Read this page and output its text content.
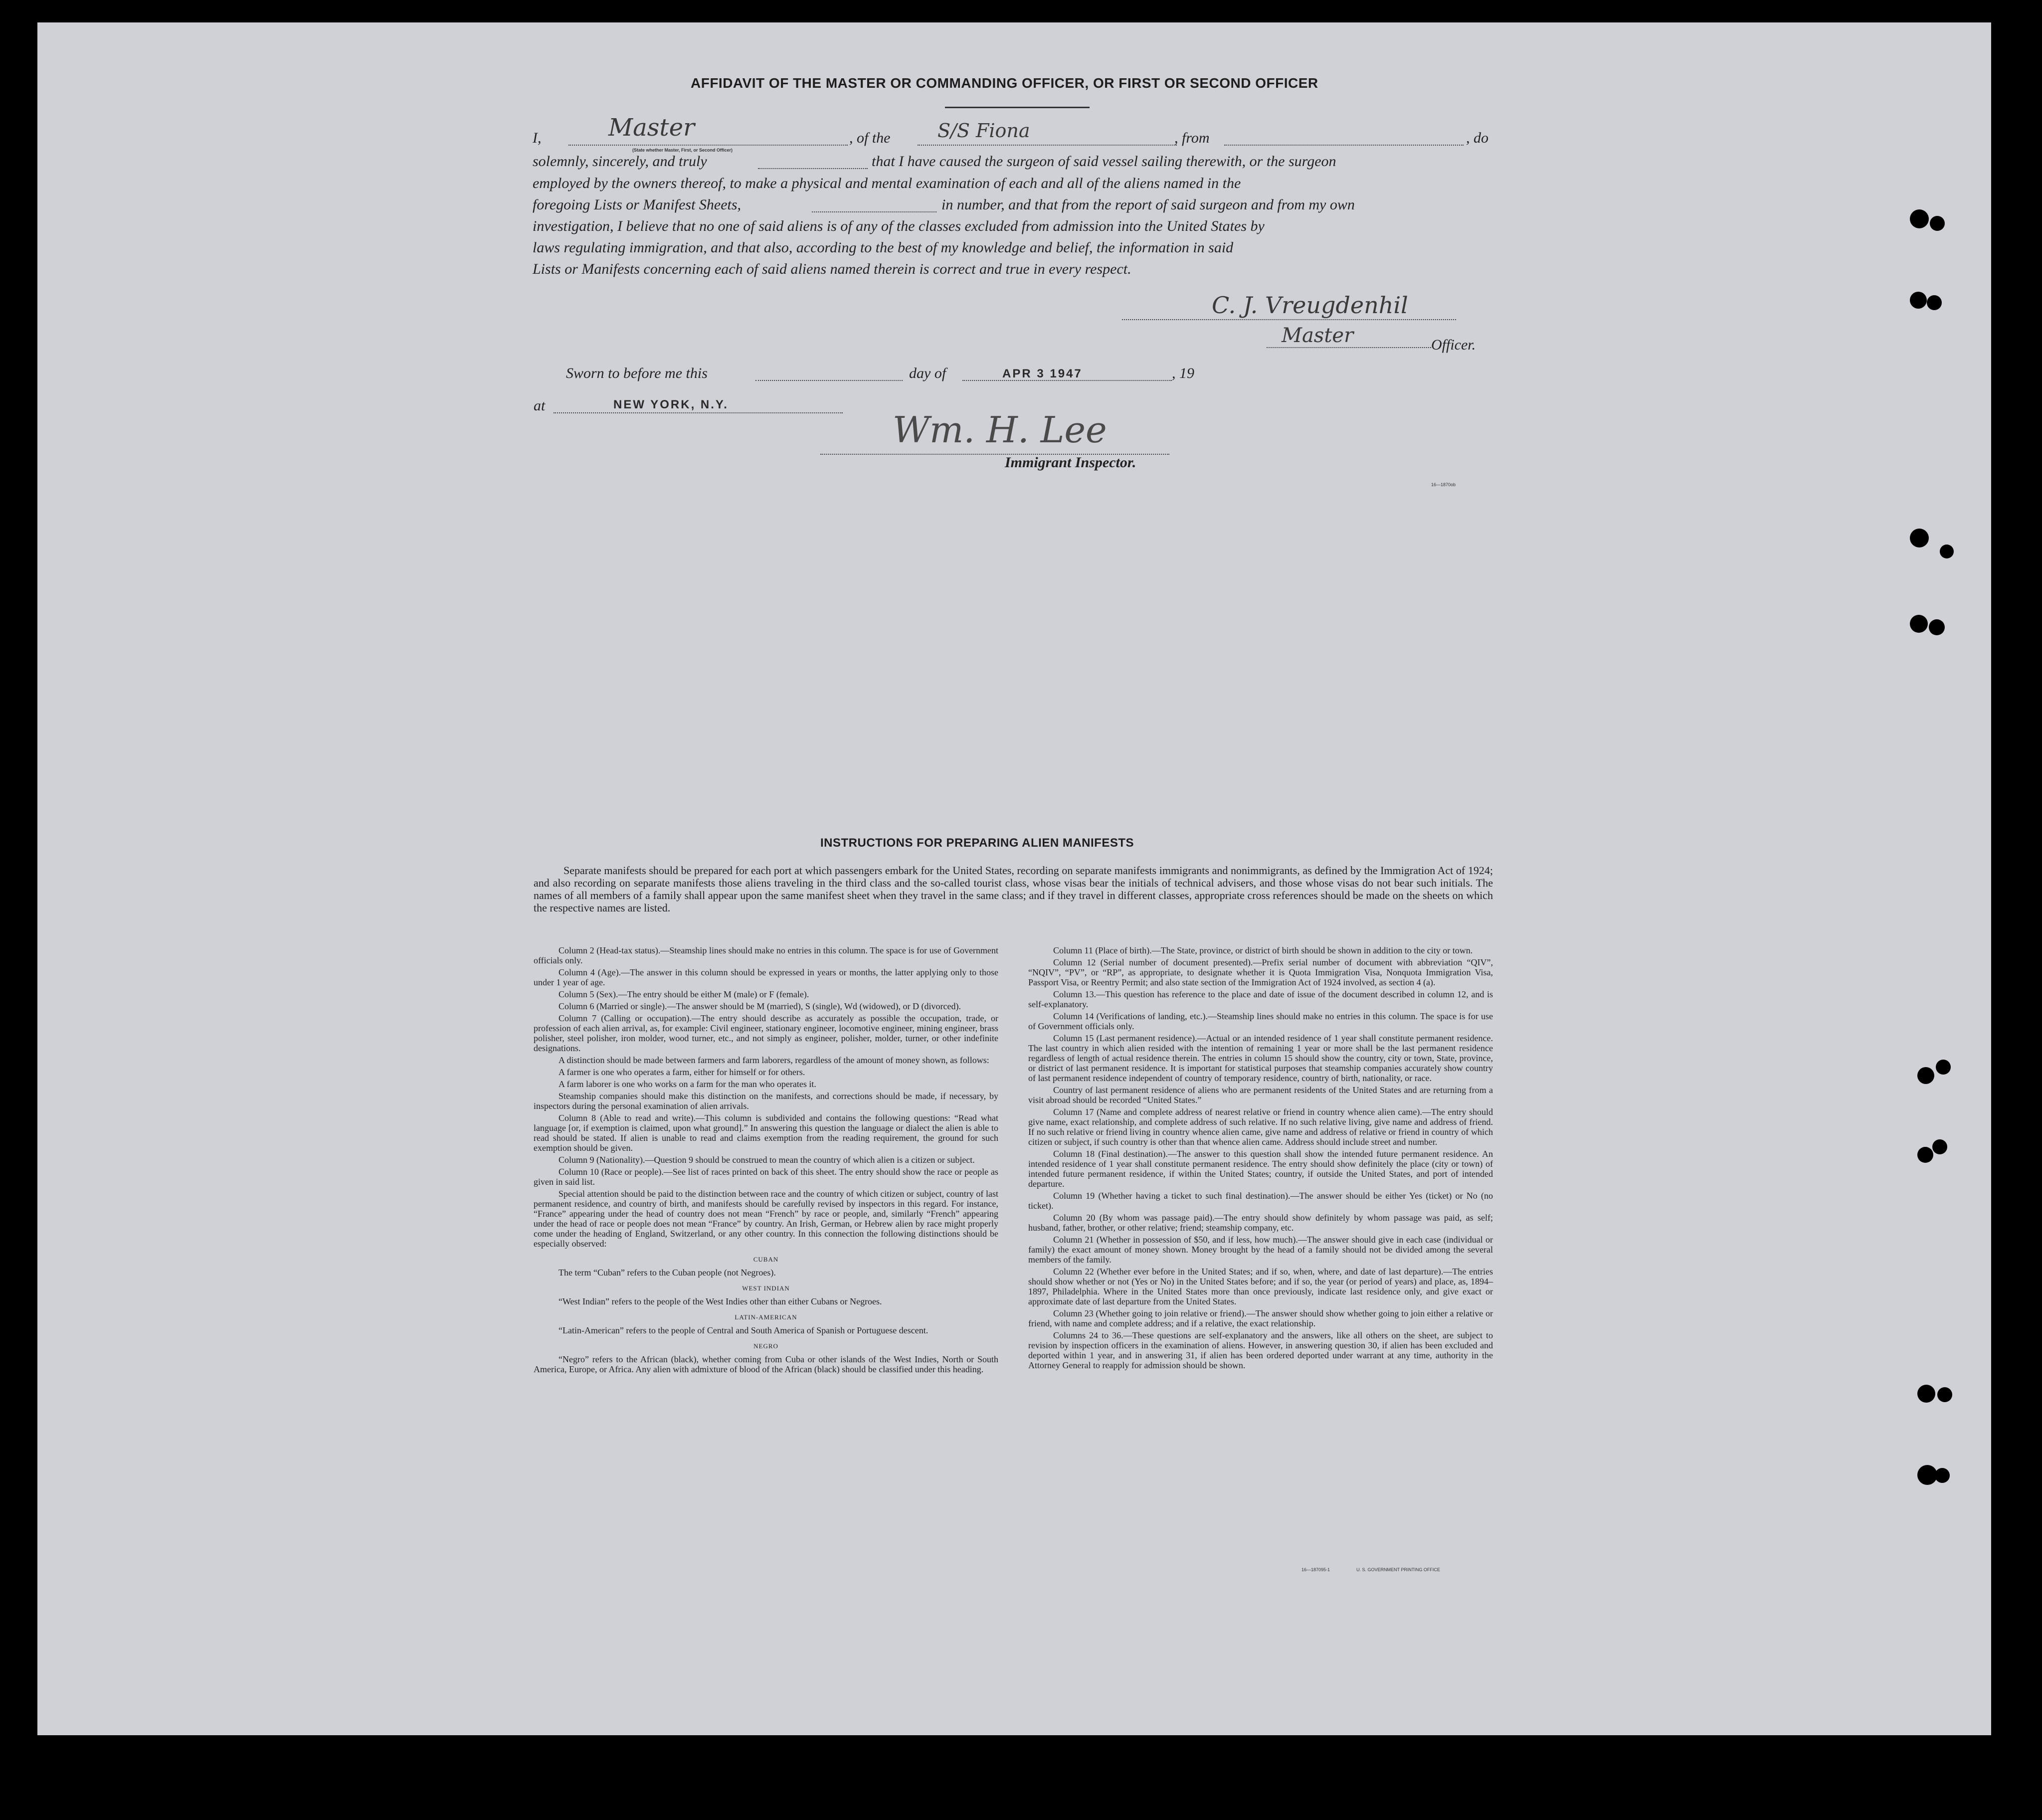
AFFIDAVIT OF THE MASTER OR COMMANDING OFFICER, OR FIRST OR SECOND OFFICER
I,	Master
(State whether Master, First, or Second Officer)
, of the S/S Fiona	, from	, do
solemnly, sincerely, and truly	that I have caused the surgeon of said vessel sailing therewith, or the surgeon
employed by the owners thereof, to make a physical and mental examination of each and all of the aliens named in the
foregoing Lists or Manifest Sheets,	in number, and that from the report of said surgeon and from my own
investigation, I believe that no one of said aliens is of any of the classes excluded from admission into the United States by
laws regulating immigration, and that also, according to the best of my knowledge and belief, the information in said
Lists or Manifests concerning each of said aliens named therein is correct and true in every respect.
C. J. Vreugdenhil
Master	Officer.
Sworn to before me this	day of	APR 3 1947	, 19
at	NEW YORK, N.Y.
Wm. H. Lee
Immigrant Inspector.
16—1870ob
INSTRUCTIONS FOR PREPARING ALIEN MANIFESTS
Separate manifests should be prepared for each port at which passengers embark for the United States, recording on separate manifests immigrants and nonimmigrants, as defined by the Immigration Act of 1924; and also recording on separate manifests those aliens traveling in the third class and the so-called tourist class, whose visas bear the initials of technical advisers, and those whose visas do not bear such initials. The names of all members of a family shall appear upon the same manifest sheet when they travel in the same class; and if they travel in different classes, appropriate cross references should be made on the sheets on which the respective names are listed.

Column 2 (Head-tax status).—Steamship lines should make no entries in this column. The space is for use of Government officials only.

Column 4 (Age).—The answer in this column should be expressed in years or months, the latter applying only to those under 1 year of age.

Column 5 (Sex).—The entry should be either M (male) or F (female).

Column 6 (Married or single).—The answer should be M (married), S (single), Wd (widowed), or D (divorced).

Column 7 (Calling or occupation).—The entry should describe as accurately as possible the occupation, trade, or profession of each alien arrival, as, for example: Civil engineer, stationary engineer, locomotive engineer, mining engineer, brass polisher, steel polisher, iron molder, wood turner, etc., and not simply as engineer, polisher, molder, turner, or other indefinite designations.

A distinction should be made between farmers and farm laborers, regardless of the amount of money shown, as follows:

A farmer is one who operates a farm, either for himself or for others.

A farm laborer is one who works on a farm for the man who operates it.

Steamship companies should make this distinction on the manifests, and corrections should be made, if necessary, by inspectors during the personal examination of alien arrivals.

Column 8 (Able to read and write).—This column is subdivided and contains the following questions: “Read what language [or, if exemption is claimed, upon what ground].” In answering this question the language or dialect the alien is able to read should be stated. If alien is unable to read and claims exemption from the reading requirement, the ground for such exemption should be given.

Column 9 (Nationality).—Question 9 should be construed to mean the country of which alien is a citizen or subject.

Column 10 (Race or people).—See list of races printed on back of this sheet. The entry should show the race or people as given in said list.

Special attention should be paid to the distinction between race and the country of which citizen or subject, country of last permanent residence, and country of birth, and manifests should be carefully revised by inspectors in this regard. For instance, “France” appearing under the head of country does not mean “French” by race or people, and, similarly “French” appearing under the head of race or people does not mean “France” by country. An Irish, German, or Hebrew alien by race might properly come under the heading of England, Switzerland, or any other country. In this connection the following distinctions should be especially observed:

CUBAN

The term “Cuban” refers to the Cuban people (not Negroes).

WEST INDIAN

“West Indian” refers to the people of the West Indies other than either Cubans or Negroes.

LATIN-AMERICAN

“Latin-American” refers to the people of Central and South America of Spanish or Portuguese descent.

NEGRO

“Negro” refers to the African (black), whether coming from Cuba or other islands of the West Indies, North or South America, Europe, or Africa. Any alien with admixture of blood of the African (black) should be classified under this heading.

Column 11 (Place of birth).—The State, province, or district of birth should be shown in addition to the city or town.

Column 12 (Serial number of document presented).—Prefix serial number of document with abbreviation “QIV”, “NQIV”, “PV”, or “RP”, as appropriate, to designate whether it is Quota Immigration Visa, Nonquota Immigration Visa, Passport Visa, or Reentry Permit; and also state section of the Immigration Act of 1924 involved, as section 4 (a).

Column 13.—This question has reference to the place and date of issue of the document described in column 12, and is self-explanatory.

Column 14 (Verifications of landing, etc.).—Steamship lines should make no entries in this column. The space is for use of Government officials only.

Column 15 (Last permanent residence).—Actual or an intended residence of 1 year shall constitute permanent residence. The last country in which alien resided with the intention of remaining 1 year or more shall be the last permanent residence regardless of length of actual residence therein. The entries in column 15 should show the country, city or town, State, province, or district of last permanent residence. It is important for statistical purposes that steamship companies accurately show country of last permanent residence independent of country of temporary residence, country of birth, nationality, or race.

Country of last permanent residence of aliens who are permanent residents of the United States and are returning from a visit abroad should be recorded “United States.”

Column 17 (Name and complete address of nearest relative or friend in country whence alien came).—The entry should give name, exact relationship, and complete address of such relative. If no such relative living, give name and address of friend. If no such relative or friend living in country whence alien came, give name and address of relative or friend in country of which citizen or subject, if such country is other than that whence alien came. Address should include street and number.

Column 18 (Final destination).—The answer to this question shall show the intended future permanent residence. An intended residence of 1 year shall constitute permanent residence. The entry should show definitely the place (city or town) of intended future permanent residence, if within the United States; country, if outside the United States, and port of intended departure.

Column 19 (Whether having a ticket to such final destination).—The answer should be either Yes (ticket) or No (no ticket).

Column 20 (By whom was passage paid).—The entry should show definitely by whom passage was paid, as self; husband, father, brother, or other relative; friend; steamship company, etc.

Column 21 (Whether in possession of $50, and if less, how much).—The answer should give in each case (individual or family) the exact amount of money shown. Money brought by the head of a family should not be divided among the several members of the family.

Column 22 (Whether ever before in the United States; and if so, when, where, and date of last departure).—The entries should show whether or not (Yes or No) in the United States before; and if so, the year (or period of years) and place, as, 1894–1897, Philadelphia. Where in the United States more than once previously, indicate last residence only, and give exact or approximate date of last departure from the United States.

Column 23 (Whether going to join relative or friend).—The answer should show whether going to join either a relative or friend, with name and complete address; and if a relative, the exact relationship.

Columns 24 to 36.—These questions are self-explanatory and the answers, like all others on the sheet, are subject to revision by inspection officers in the examination of aliens. However, in answering question 30, if alien has been excluded and deported within 1 year, and in answering 31, if alien has been ordered deported under warrant at any time, authority in the Attorney General to reapply for admission should be shown.

16—187095-1	U. S. GOVERNMENT PRINTING OFFICE
